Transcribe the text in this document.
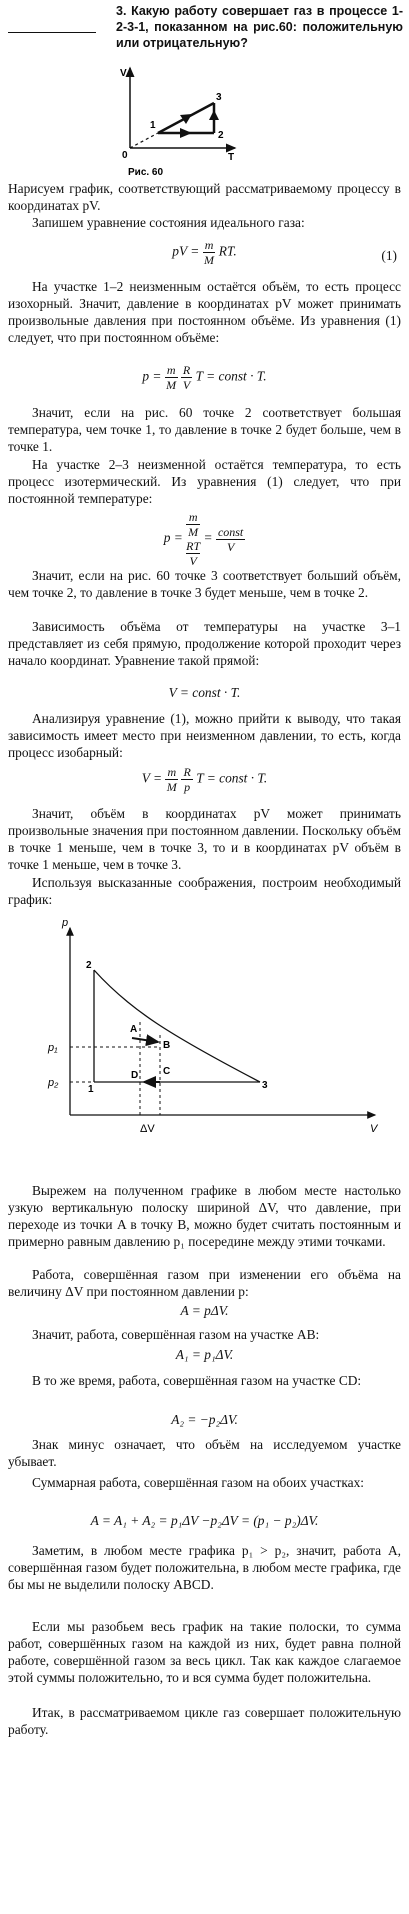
3. Какую работу совершает газ в процессе 1-2-3-1, показанном на рис.60: положительную или отрицательную?
V
T
0
1
2
3
Рис. 60

Нарисуем график, соответствующий рассматриваемому процессу в координатах pV.

Запишем уравнение состояния идеального газа:

pV = $\frac{m}{M}$ RT.	(1)

На участке 1–2 неизменным остаётся объём, то есть процесс изохорный. Значит, давление в координатах pV может принимать произвольные давления при постоянном объёме. Из уравнения (1) следует, что при постоянном объёме:

$p = \frac{m}{M}$
$\frac{R}{V}$ T = const · T.

Значит, если на рис. 60 точке 2 соответствует большая температура, чем точке 1, то давление в точке 2 будет больше, чем в точке 1.

На участке 2–3 неизменной остаётся температура, то есть процесс изотермический. Из уравнения (1) следует, что при постоянной температуре:

p = m
M
RT
$V = \frac{\text{const}}{V}$

Значит, если на рис. 60 точке 3 соответствует больший объём, чем точке 2, то давление в точке 3 будет меньше, чем в точке 2.

Зависимость объёма от температуры на участке 3–1 представляет из себя прямую, продолжение которой проходит через начало координат. Уравнение такой прямой:

V = const · T.

Анализируя уравнение (1), можно прийти к выводу, что такая зависимость имеет место при неизменном давлении, то есть, когда процесс изобарный:

$V = \frac{m}{M}$
$\frac{R}{p}$ T = const · T.

Значит, объём в координатах pV может принимать произвольные значения при постоянном давлении. Поскольку объём в точке 1 меньше, чем в точке 3, то и в координатах pV объём в точке 1 меньше, чем в точке 3.

Используя высказанные соображения, построим необходимый график:

p
V
p₁
p₂
ΔV
1
2
3
A
B
C
D

Вырежем на полученном графике в любом месте настолько узкую вертикальную полоску шириной ΔV, что давление, при переходе из точки A в точку B, можно будет считать постоянным и примерно равным давлению p₁ посередине между этими точками.

Работа, совершённая газом при изменении его объёма на величину ΔV при постоянном давлении p:

A = pΔV.

Значит, работа, совершённая газом на участке AB:

A₁ = p₁ΔV.

В то же время, работа, совершённая газом на участке CD:

A₂ = −p₂ΔV.

Знак минус означает, что объём на исследуемом участке убывает.

Суммарная работа, совершённая газом на обоих участках:

A = A₁ + A₂ = p₁ΔV −p₂ΔV = (p₁ − p₂)ΔV.

Заметим, в любом месте графика p₁ > p₂, значит, работа A, совершённая газом будет положительна, в любом месте графика, где бы мы не выделили полоску ABCD.

Если мы разобьем весь график на такие полоски, то сумма работ, совершённых газом на каждой из них, будет равна полной работе, совершённой газом за весь цикл. Так как каждое слагаемое этой суммы положительно, то и вся сумма будет положительна.

Итак, в рассматриваемом цикле газ совершает положительную работу.
